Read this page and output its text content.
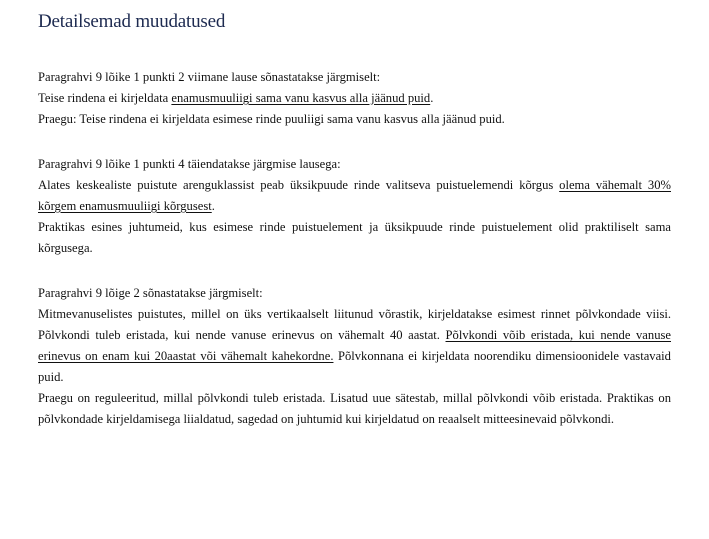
Detailsemad muudatused

Paragrahvi 9 lõike 1 punkti 2 viimane lause sõnastatakse järgmiselt:

Teise rindena ei kirjeldata enamusmuuliigi sama vanu kasvus alla jäänud puid.

Praegu: Teise rindena ei kirjeldata esimese rinde puuliigi sama vanu kasvus alla jäänud puid.

Paragrahvi 9 lõike 1 punkti 4 täiendatakse järgmise lausega:

Alates keskealiste puistute arenguklassist peab üksikpuude rinde valitseva puistuelemendi kõrgus olema vähemalt 30% kõrgem enamusmuuliigi kõrgusest.

Praktikas esines juhtumeid, kus esimese rinde puistuelement ja üksikpuude rinde puistuelement olid praktiliselt sama kõrgusega.

Paragrahvi 9 lõige 2 sõnastatakse järgmiselt:

Mitmevanuselistes puistutes, millel on üks vertikaalselt liitunud võrastik, kirjeldatakse esimest rinnet põlvkondade viisi. Põlvkondi tuleb eristada, kui nende vanuse erinevus on vähemalt 40 aastat. Põlvkondi võib eristada, kui nende vanuse erinevus on enam kui 20aastat või vähemalt kahekordne. Põlvkonnana ei kirjeldata noorendiku dimensioonidele vastavaid puid.

Praegu on reguleeritud, millal põlvkondi tuleb eristada. Lisatud uue sätestab, millal põlvkondi võib eristada. Praktikas on põlvkondade kirjeldamisega liialdatud, sagedad on juhtumid kui kirjeldatud on reaalselt mitteesinevaid põlvkondi.
